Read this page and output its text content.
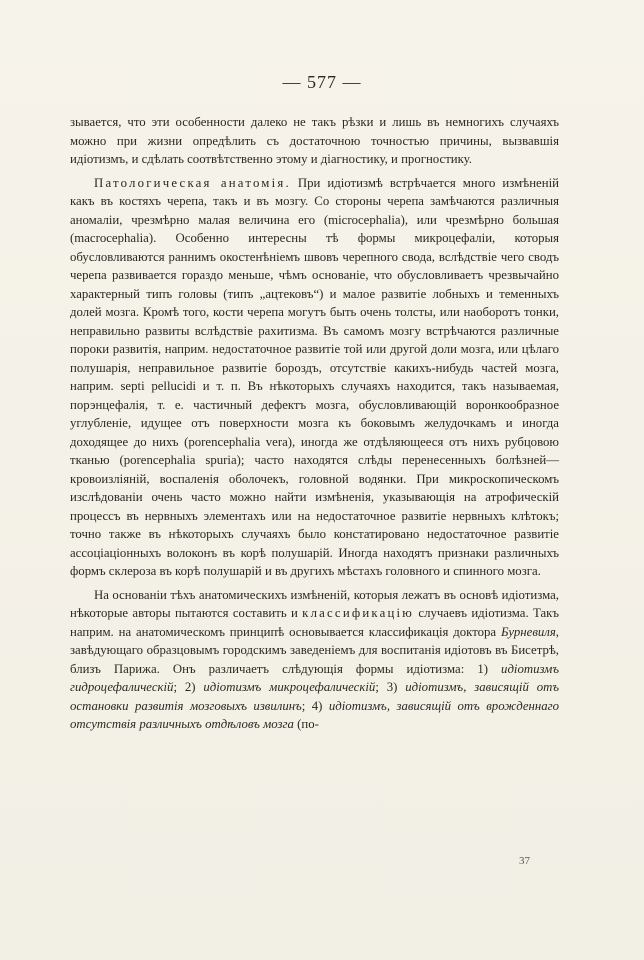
— 577 —

зывается, что эти особенности далеко не такъ рѣзки и лишь въ немногихъ случаяхъ можно при жизни опредѣлить съ достаточною точностью причины, вызвавшія идіотизмъ, и сдѣлать соотвѣтственно этому и діагностику, и прогностику.

Патологическая анатомія. При идіотизмѣ встрѣчается много измѣненій какъ въ костяхъ черепа, такъ и въ мозгу. Со стороны черепа замѣчаются различныя аномаліи, чрезмѣрно малая величина его (microcephalia), или чрезмѣрно большая (macrocephalia). Особенно интересны тѣ формы микроцефаліи, которыя обусловливаются раннимъ окостенѣніемъ швовъ черепного свода, вслѣдствіе чего сводъ черепа развивается гораздо меньше, чѣмъ основаніе, что обусловливаетъ чрезвычайно характерный типъ головы (типъ „ацтековъ“) и малое развитіе лобныхъ и теменныхъ долей мозга. Кромѣ того, кости черепа могутъ быть очень толсты, или наоборотъ тонки, неправильно развиты вслѣдствіе рахитизма. Въ самомъ мозгу встрѣчаются различные пороки развитія, наприм. недостаточное развитіе той или другой доли мозга, или цѣлаго полушарія, неправильное развитіе бороздъ, отсутствіе какихъ-нибудь частей мозга, наприм. septi pellucidi и т. п. Въ нѣкоторыхъ случаяхъ находится, такъ называемая, порэнцефалія, т. е. частичный дефектъ мозга, обусловливающій воронкообразное углубленіе, идущее отъ поверхности мозга къ боковымъ желудочкамъ и иногда доходящее до нихъ (porencephalia vera), иногда же отдѣляющееся отъ нихъ рубцовою тканью (porencephalia spuria); часто находятся слѣды перенесенныхъ болѣзней— кровоизліяній, воспаленія оболочекъ, головной водянки. При микроскопическомъ изслѣдованіи очень часто можно найти измѣненія, указывающія на атрофическій процессъ въ нервныхъ элементахъ или на недостаточное развитіе нервныхъ клѣтокъ; точно также въ нѣкоторыхъ случаяхъ было констатировано недостаточное развитіе ассоціаціонныхъ волоконъ въ корѣ полушарій. Иногда находятъ признаки различныхъ формъ склероза въ корѣ полушарій и въ другихъ мѣстахъ головного и спинного мозга.

На основаніи тѣхъ анатомическихъ измѣненій, которыя лежатъ въ основѣ идіотизма, нѣкоторые авторы пытаются составить и классификацію случаевъ идіотизма. Такъ наприм. на анатомическомъ принципѣ основывается классификація доктора Бурневиля, завѣдующаго образцовымъ городскимъ заведеніемъ для воспитанія идіотовъ въ Бисетрѣ, близъ Парижа. Онъ различаетъ слѣдующія формы идіотизма: 1) идіотизмъ гидроцефалическій; 2) идіотизмъ микроцефалическій; 3) идіотизмъ, зависящій отъ остановки развитія мозговыхъ извилинъ; 4) идіотизмъ, зависящій отъ врожденнаго отсутствія различныхъ отдѣловъ мозга (по-

37
